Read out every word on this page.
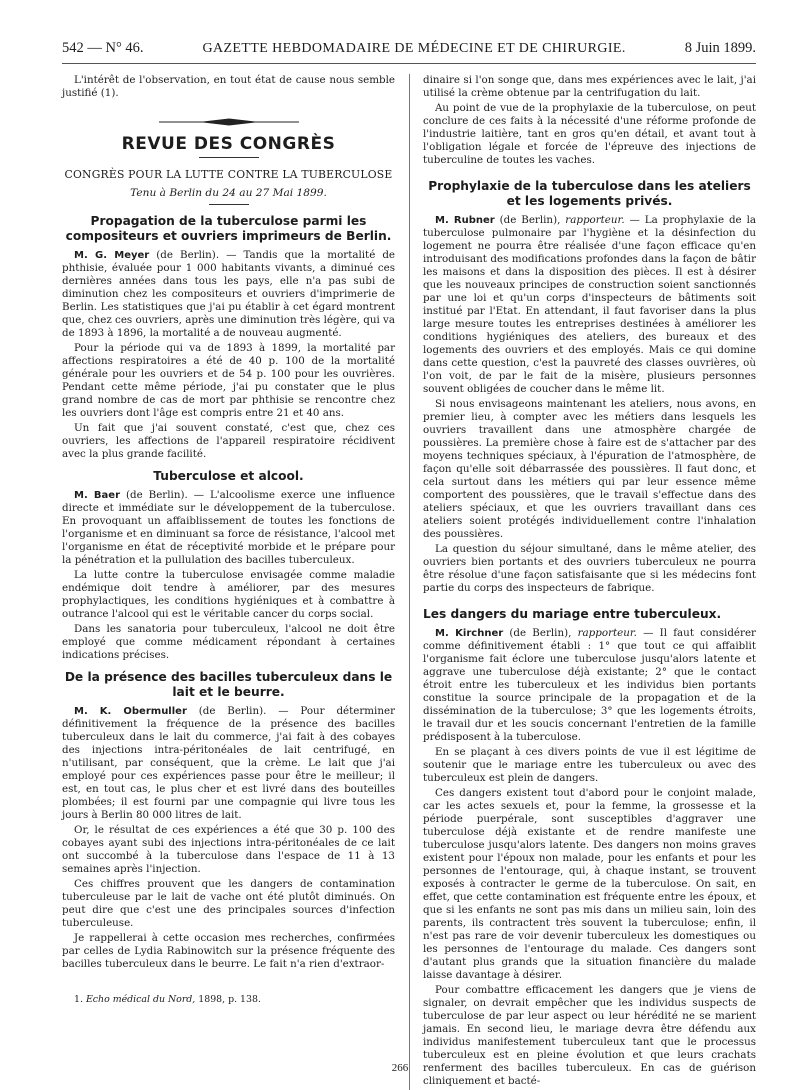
542 — N° 46.	GAZETTE HEBDOMADAIRE DE MÉDECINE ET DE CHIRURGIE.	8 Juin 1899.

L'intérêt de l'observation, en tout état de cause nous semble justifié (1).

REVUE DES CONGRÈS
CONGRÈS POUR LA LUTTE CONTRE LA TUBERCULOSE
Tenu à Berlin du 24 au 27 Mai 1899.
Propagation de la tuberculose parmi les compositeurs et ouvriers imprimeurs de Berlin.

M. G. Meyer (de Berlin). — Tandis que la mortalité de phthisie, évaluée pour 1 000 habitants vivants, a diminué ces dernières années dans tous les pays, elle n'a pas subi de diminution chez les compositeurs et ouvriers d'imprimerie de Berlin. Les statistiques que j'ai pu établir à cet égard montrent que, chez ces ouvriers, après une diminution très légère, qui va de 1893 à 1896, la mortalité a de nouveau augmenté.

Pour la période qui va de 1893 à 1899, la mortalité par affections respiratoires a été de 40 p. 100 de la mortalité générale pour les ouvriers et de 54 p. 100 pour les ouvrières. Pendant cette même période, j'ai pu constater que le plus grand nombre de cas de mort par phthisie se rencontre chez les ouvriers dont l'âge est compris entre 21 et 40 ans.

Un fait que j'ai souvent constaté, c'est que, chez ces ouvriers, les affections de l'appareil respiratoire récidivent avec la plus grande facilité.

Tuberculose et alcool.

M. Baer (de Berlin). — L'alcoolisme exerce une influence directe et immédiate sur le développement de la tuberculose. En provoquant un affaiblissement de toutes les fonctions de l'organisme et en diminuant sa force de résistance, l'alcool met l'organisme en état de réceptivité morbide et le prépare pour la pénétration et la pullulation des bacilles tuberculeux.

La lutte contre la tuberculose envisagée comme maladie endémique doit tendre à améliorer, par des mesures prophylactiques, les conditions hygiéniques et à combattre à outrance l'alcool qui est le véritable cancer du corps social.

Dans les sanatoria pour tuberculeux, l'alcool ne doit être employé que comme médicament répondant à certaines indications précises.

De la présence des bacilles tuberculeux dans le lait et le beurre.

M. K. Obermuller (de Berlin). — Pour déterminer définitivement la fréquence de la présence des bacilles tuberculeux dans le lait du commerce, j'ai fait à des cobayes des injections intra-péritonéales de lait centrifugé, en n'utilisant, par conséquent, que la crème. Le lait que j'ai employé pour ces expériences passe pour être le meilleur; il est, en tout cas, le plus cher et est livré dans des bouteilles plombées; il est fourni par une compagnie qui livre tous les jours à Berlin 80 000 litres de lait.

Or, le résultat de ces expériences a été que 30 p. 100 des cobayes ayant subi des injections intra-péritonéales de ce lait ont succombé à la tuberculose dans l'espace de 11 à 13 semaines après l'injection.

Ces chiffres prouvent que les dangers de contamination tuberculeuse par le lait de vache ont été plutôt diminués. On peut dire que c'est une des principales sources d'infection tuberculeuse.

Je rappellerai à cette occasion mes recherches, confirmées par celles de Lydia Rabinowitch sur la présence fréquente des bacilles tuberculeux dans le beurre. Le fait n'a rien d'extraor-

1. Echo médical du Nord, 1898, p. 138.

dinaire si l'on songe que, dans mes expériences avec le lait, j'ai utilisé la crème obtenue par la centrifugation du lait.

Au point de vue de la prophylaxie de la tuberculose, on peut conclure de ces faits à la nécessité d'une réforme profonde de l'industrie laitière, tant en gros qu'en détail, et avant tout à l'obligation légale et forcée de l'épreuve des injections de tuberculine de toutes les vaches.

Prophylaxie de la tuberculose dans les ateliers et les logements privés.

M. Rubner (de Berlin), rapporteur. — La prophylaxie de la tuberculose pulmonaire par l'hygiène et la désinfection du logement ne pourra être réalisée d'une façon efficace qu'en introduisant des modifications profondes dans la façon de bâtir les maisons et dans la disposition des pièces. Il est à désirer que les nouveaux principes de construction soient sanctionnés par une loi et qu'un corps d'inspecteurs de bâtiments soit institué par l'Etat. En attendant, il faut favoriser dans la plus large mesure toutes les entreprises destinées à améliorer les conditions hygiéniques des ateliers, des bureaux et des logements des ouvriers et des employés. Mais ce qui domine dans cette question, c'est la pauvreté des classes ouvrières, où l'on voit, de par le fait de la misère, plusieurs personnes souvent obligées de coucher dans le même lit.

Si nous envisageons maintenant les ateliers, nous avons, en premier lieu, à compter avec les métiers dans lesquels les ouvriers travaillent dans une atmosphère chargée de poussières. La première chose à faire est de s'attacher par des moyens techniques spéciaux, à l'épuration de l'atmosphère, de façon qu'elle soit débarrassée des poussières. Il faut donc, et cela surtout dans les métiers qui par leur essence même comportent des poussières, que le travail s'effectue dans des ateliers spéciaux, et que les ouvriers travaillant dans ces ateliers soient protégés individuellement contre l'inhalation des poussières.

La question du séjour simultané, dans le même atelier, des ouvriers bien portants et des ouvriers tuberculeux ne pourra être résolue d'une façon satisfaisante que si les médecins font partie du corps des inspecteurs de fabrique.

Les dangers du mariage entre tuberculeux.

M. Kirchner (de Berlin), rapporteur. — Il faut considérer comme définitivement établi : 1° que tout ce qui affaiblit l'organisme fait éclore une tuberculose jusqu'alors latente et aggrave une tuberculose déjà existante; 2° que le contact étroit entre les tuberculeux et les individus bien portants constitue la source principale de la propagation et de la dissémination de la tuberculose; 3° que les logements étroits, le travail dur et les soucis concernant l'entretien de la famille prédisposent à la tuberculose.

En se plaçant à ces divers points de vue il est légitime de soutenir que le mariage entre les tuberculeux ou avec des tuberculeux est plein de dangers.

Ces dangers existent tout d'abord pour le conjoint malade, car les actes sexuels et, pour la femme, la grossesse et la période puerpérale, sont susceptibles d'aggraver une tuberculose déjà existante et de rendre manifeste une tuberculose jusqu'alors latente. Des dangers non moins graves existent pour l'époux non malade, pour les enfants et pour les personnes de l'entourage, qui, à chaque instant, se trouvent exposés à contracter le germe de la tuberculose. On sait, en effet, que cette contamination est fréquente entre les époux, et que si les enfants ne sont pas mis dans un milieu sain, loin des parents, ils contractent très souvent la tuberculose; enfin, il n'est pas rare de voir devenir tuberculeux les domestiques ou les personnes de l'entourage du malade. Ces dangers sont d'autant plus grands que la situation financière du malade laisse davantage à désirer.

Pour combattre efficacement les dangers que je viens de signaler, on devrait empêcher que les individus suspects de tuberculose de par leur aspect ou leur hérédité ne se marient jamais. En second lieu, le mariage devra être défendu aux individus manifestement tuberculeux tant que le processus tuberculeux est en pleine évolution et que leurs crachats renferment des bacilles tuberculeux. En cas de guérison cliniquement et bacté-

266
